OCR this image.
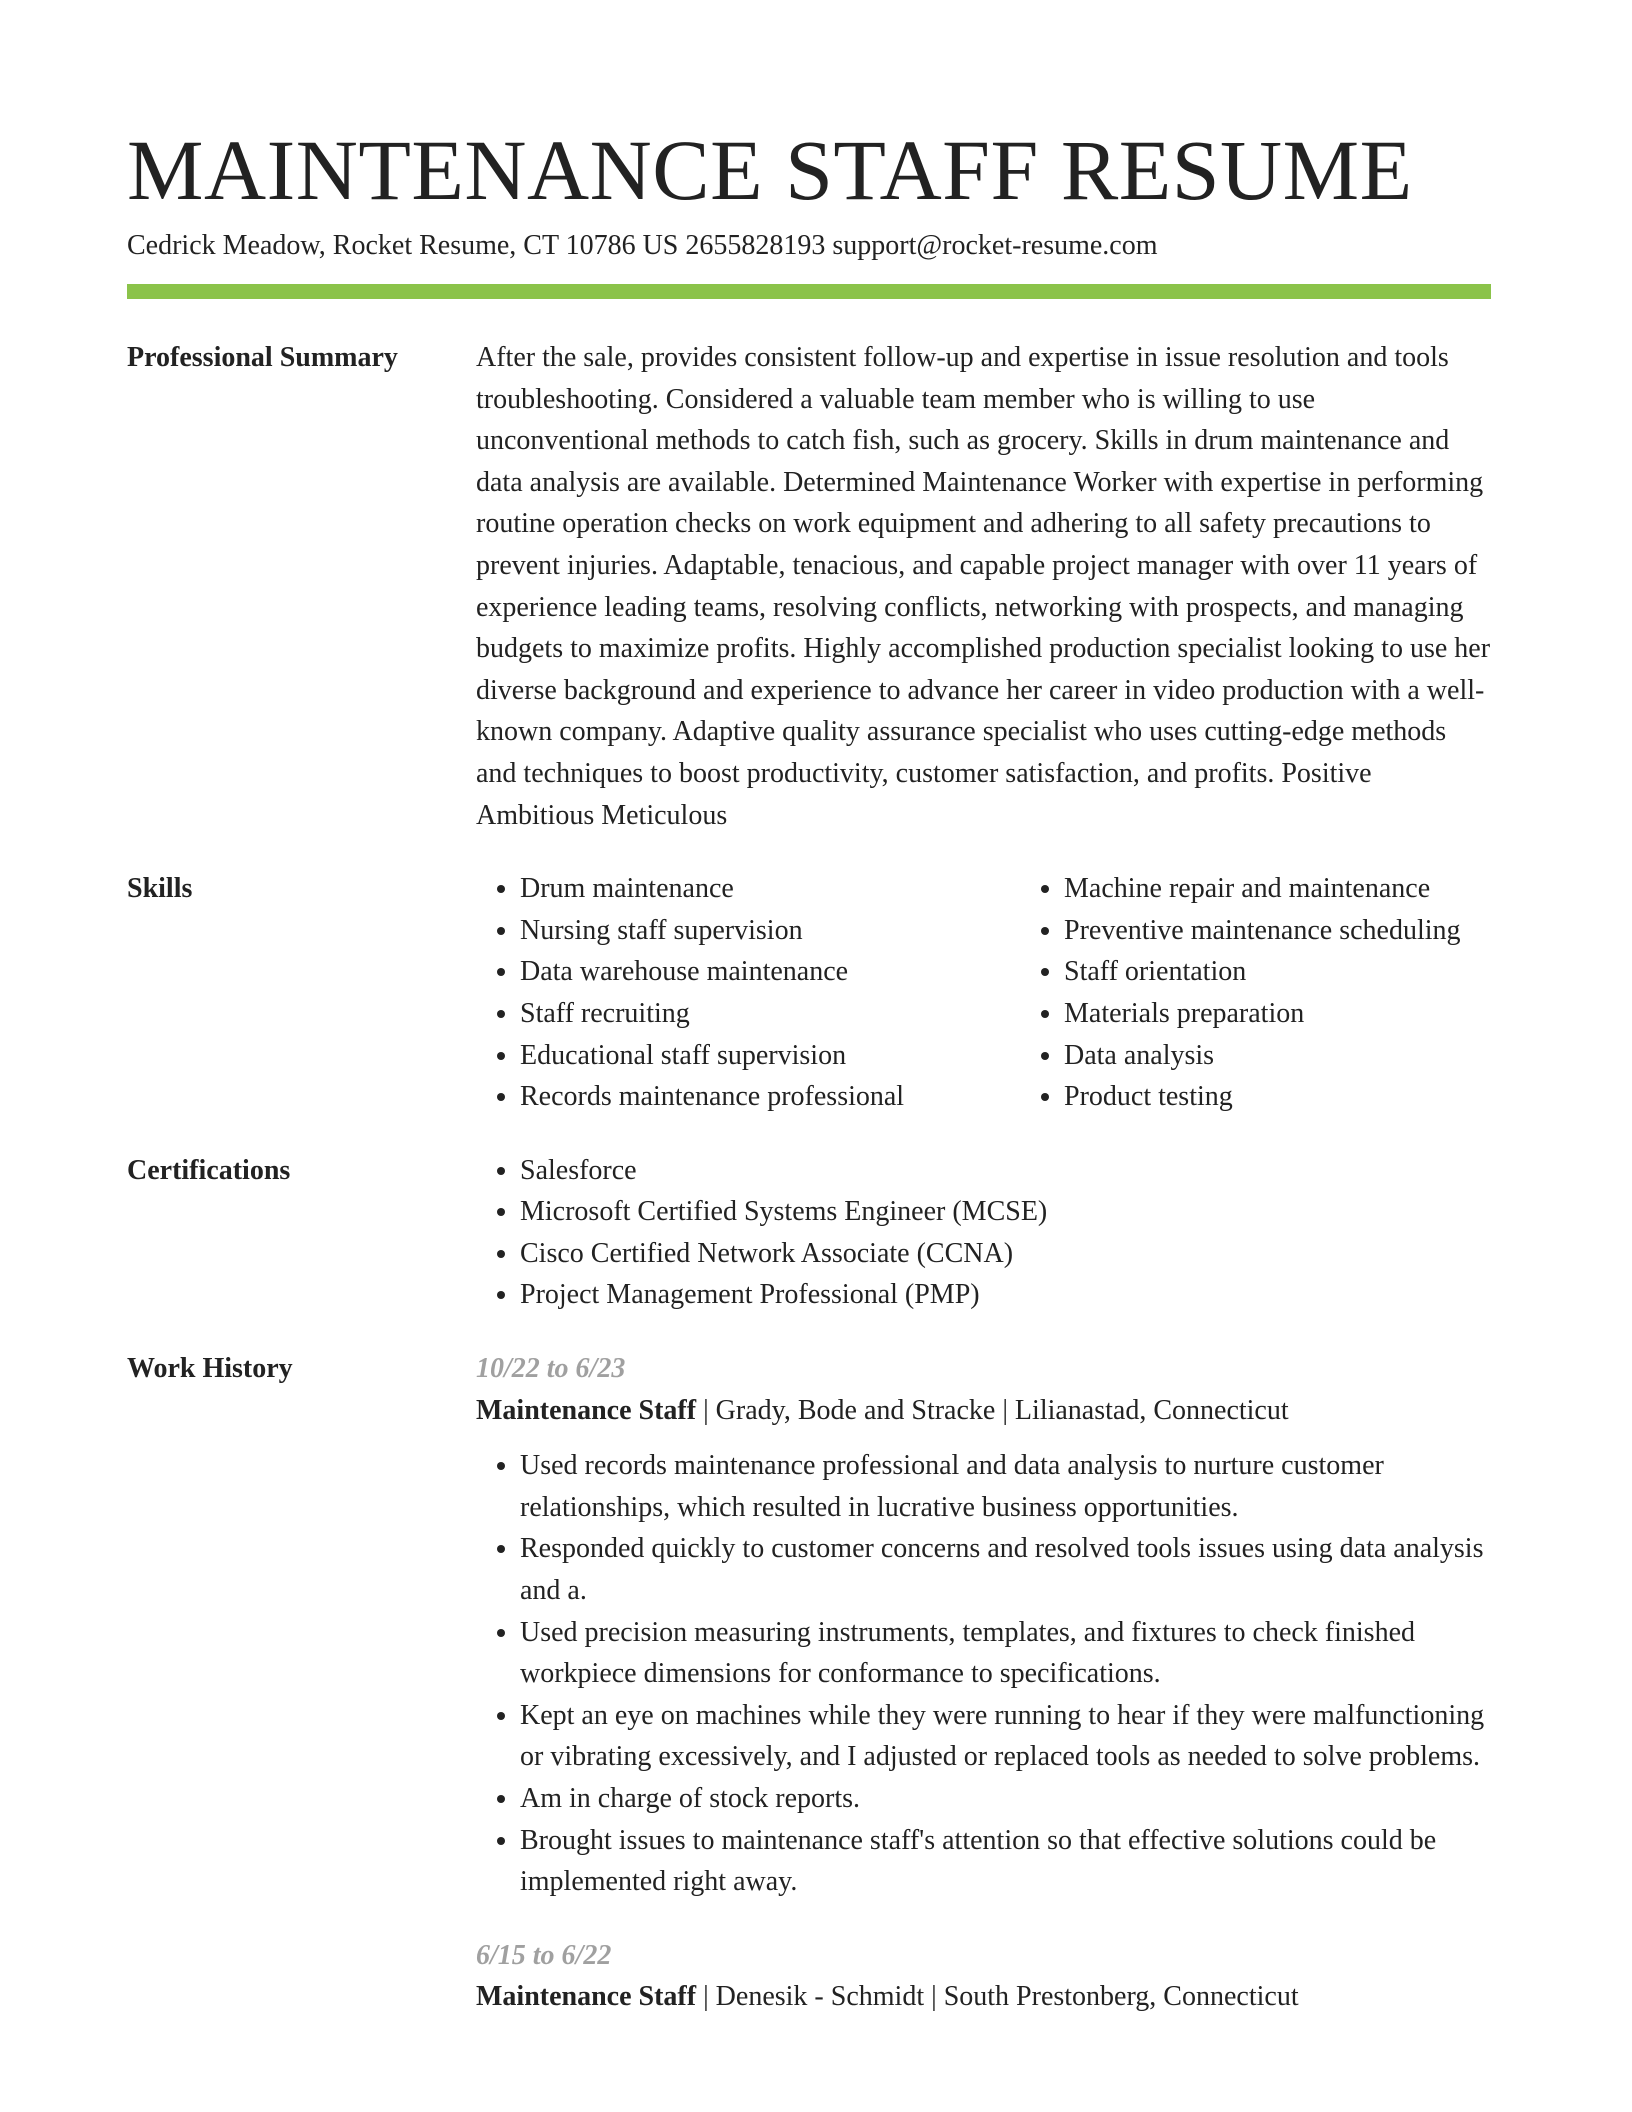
MAINTENANCE STAFF RESUME
Cedrick Meadow, Rocket Resume, CT 10786 US 2655828193 support@rocket-resume.com
Professional Summary	After the sale, provides consistent follow-up and expertise in issue resolution and tools troubleshooting. Considered a valuable team member who is willing to use unconventional methods to catch fish, such as grocery. Skills in drum maintenance and data analysis are available. Determined Maintenance Worker with expertise in performing routine operation checks on work equipment and adhering to all safety precautions to prevent injuries. Adaptable, tenacious, and capable project manager with over 11 years of experience leading teams, resolving conflicts, networking with prospects, and managing budgets to maximize profits. Highly accomplished production specialist looking to use her diverse background and experience to advance her career in video production with a well-known company. Adaptive quality assurance specialist who uses cutting-edge methods and techniques to boost productivity, customer satisfaction, and profits. Positive Ambitious Meticulous

Skills	• Drum maintenance
• Nursing staff supervision
• Data warehouse maintenance
• Staff recruiting
• Educational staff supervision
• Records maintenance professional
• Machine repair and maintenance
• Preventive maintenance scheduling
• Staff orientation
• Materials preparation
• Data analysis
• Product testing
Certifications	• Salesforce
• Microsoft Certified Systems Engineer (MCSE)
• Cisco Certified Network Associate (CCNA)
• Project Management Professional (PMP)
Work History	10/22 to 6/23
Maintenance Staff | Grady, Bode and Stracke | Lilianastad, Connecticut
• Used records maintenance professional and data analysis to nurture customer relationships, which resulted in lucrative business opportunities.
• Responded quickly to customer concerns and resolved tools issues using data analysis and a.
• Used precision measuring instruments, templates, and fixtures to check finished workpiece dimensions for conformance to specifications.
• Kept an eye on machines while they were running to hear if they were malfunctioning or vibrating excessively, and I adjusted or replaced tools as needed to solve problems.
• Am in charge of stock reports.
• Brought issues to maintenance staff's attention so that effective solutions could be implemented right away.
6/15 to 6/22
Maintenance Staff | Denesik - Schmidt | South Prestonberg, Connecticut
